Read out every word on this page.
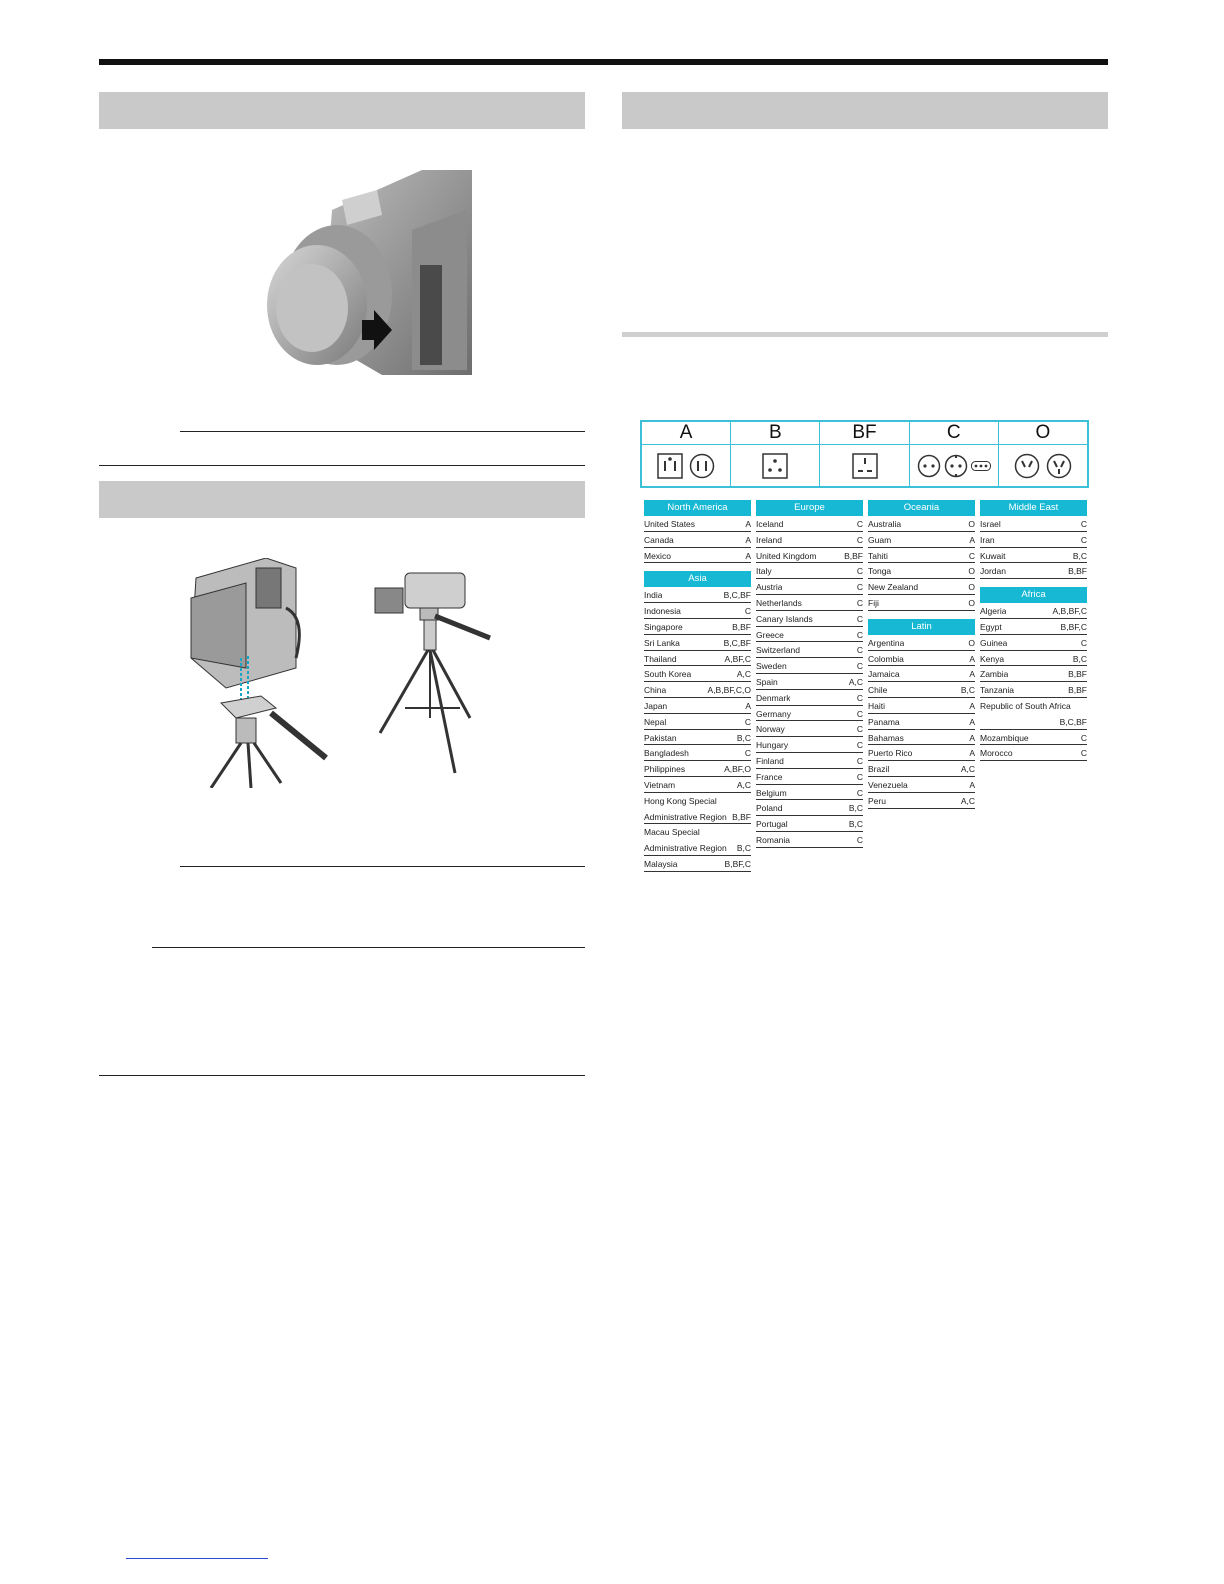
A	B	BF	C	O
North America
United States	A
Canada	A
Mexico	A
Asia
India	B,C,BF
Indonesia	C
Singapore	B,BF
Sri Lanka	B,C,BF
Thailand	A,BF,C
South Korea	A,C
China	A,B,BF,C,O
Japan	A
Nepal	C
Pakistan	B,C
Bangladesh	C
Philippines	A,BF,O
Vietnam	A,C
Hong Kong Special
Administrative Region B,BF
Macau Special
Administrative Region B,C
Malaysia	B,BF,C
Europe
Iceland	C
Ireland	C
United Kingdom	B,BF
Italy	C
Austria	C
Netherlands	C
Canary Islands	C
Greece	C
Switzerland	C
Sweden	C
Spain	A,C
Denmark	C
Germany	C
Norway	C
Hungary	C
Finland	C
France	C
Belgium	C
Poland	B,C
Portugal	B,C
Romania	C
Oceania
Australia	O
Guam	A
Tahiti	C
Tonga	O
New Zealand	O
Fiji	O
Latin
Argentina	O
Colombia	A
Jamaica	A
Chile	B,C
Haiti	A
Panama	A
Bahamas	A
Puerto Rico	A
Brazil	A,C
Venezuela	A
Peru	A,C
Middle East
Israel	C
Iran	C
Kuwait	B,C
Jordan	B,BF
Africa
Algeria	A,B,BF,C
Egypt	B,BF,C
Guinea	C
Kenya	B,C
Zambia	B,BF
Tanzania	B,BF
Republic of South Africa
B,C,BF
Mozambique	C
Morocco	C
